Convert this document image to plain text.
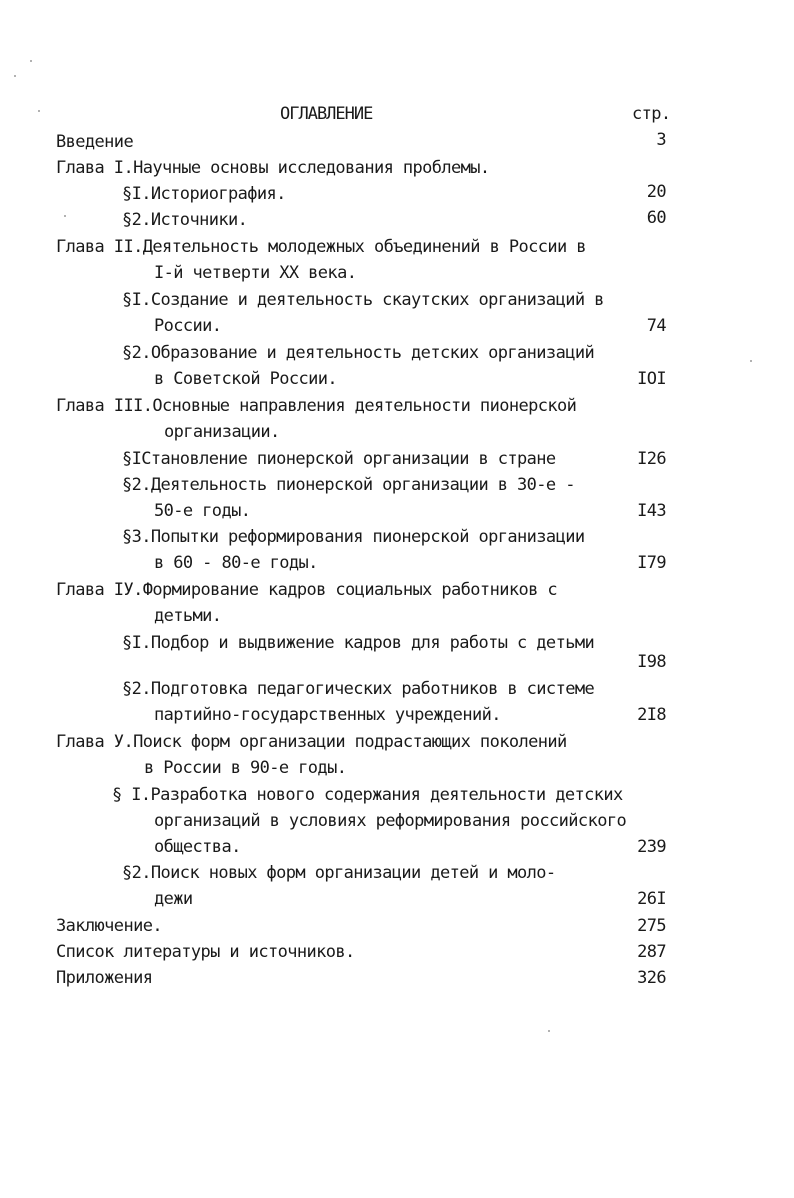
ОГЛАВЛЕНИЕ	стр.
Введение	3
Глава I.Научные основы исследования проблемы.
§I.Историография.	20
§2.Источники.	60
Глава II.Деятельность молодежных объединений в России в
I-й четверти XX века.
§I.Создание и деятельность скаутских организаций в
России.	74
§2.Образование и деятельность детских организаций
в Советской России.	IOI
Глава III.Основные направления деятельности пионерской
организации.
§IСтановление пионерской организации в стране	I26
§2.Деятельность пионерской организации в 30-е -
50-е годы.	I43
§3.Попытки реформирования пионерской организации
в 60 - 80-е годы.	I79
Глава IУ.Формирование кадров социальных работников с
детьми.
§I.Подбор и выдвижение кадров для работы с детьми
I98
§2.Подготовка педагогических работников в системе
партийно-государственных учреждений.	2I8
Глава У.Поиск форм организации подрастающих поколений
в России в 90-е годы.
§ I.Разработка нового содержания деятельности детских
организаций в условиях реформирования российского
общества.	239
§2.Поиск новых форм организации детей и моло-
дежи	26I
Заключение.	275
Список литературы и источников.	287
Приложения	326
